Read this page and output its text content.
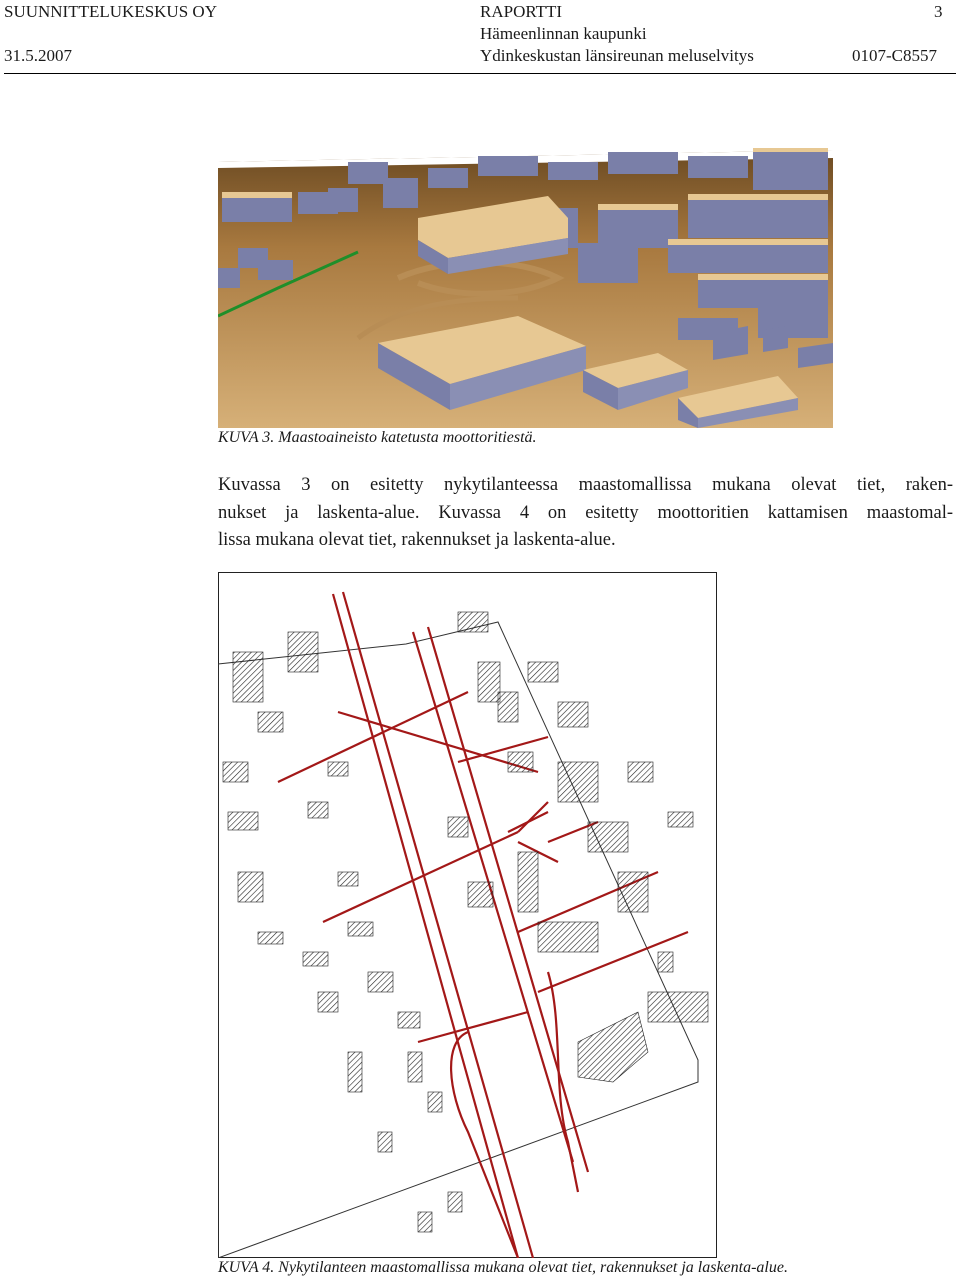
SUUNNITTELUKESKUS OY
31.5.2007
RAPORTTI
Hämeenlinnan kaupunki
Ydinkeskustan länsireunan meluselvitys
3
0107-C8557
KUVA 3. Maastoaineisto katetusta moottoritiestä.
Kuvassa 3 on esitetty nykytilanteessa maastomallissa mukana olevat tiet, raken-
nukset ja laskenta-alue. Kuvassa 4 on esitetty moottoritien kattamisen maastomal-
lissa mukana olevat tiet, rakennukset ja laskenta-alue.
KUVA 4. Nykytilanteen maastomallissa mukana olevat tiet, rakennukset ja laskenta-alue.
